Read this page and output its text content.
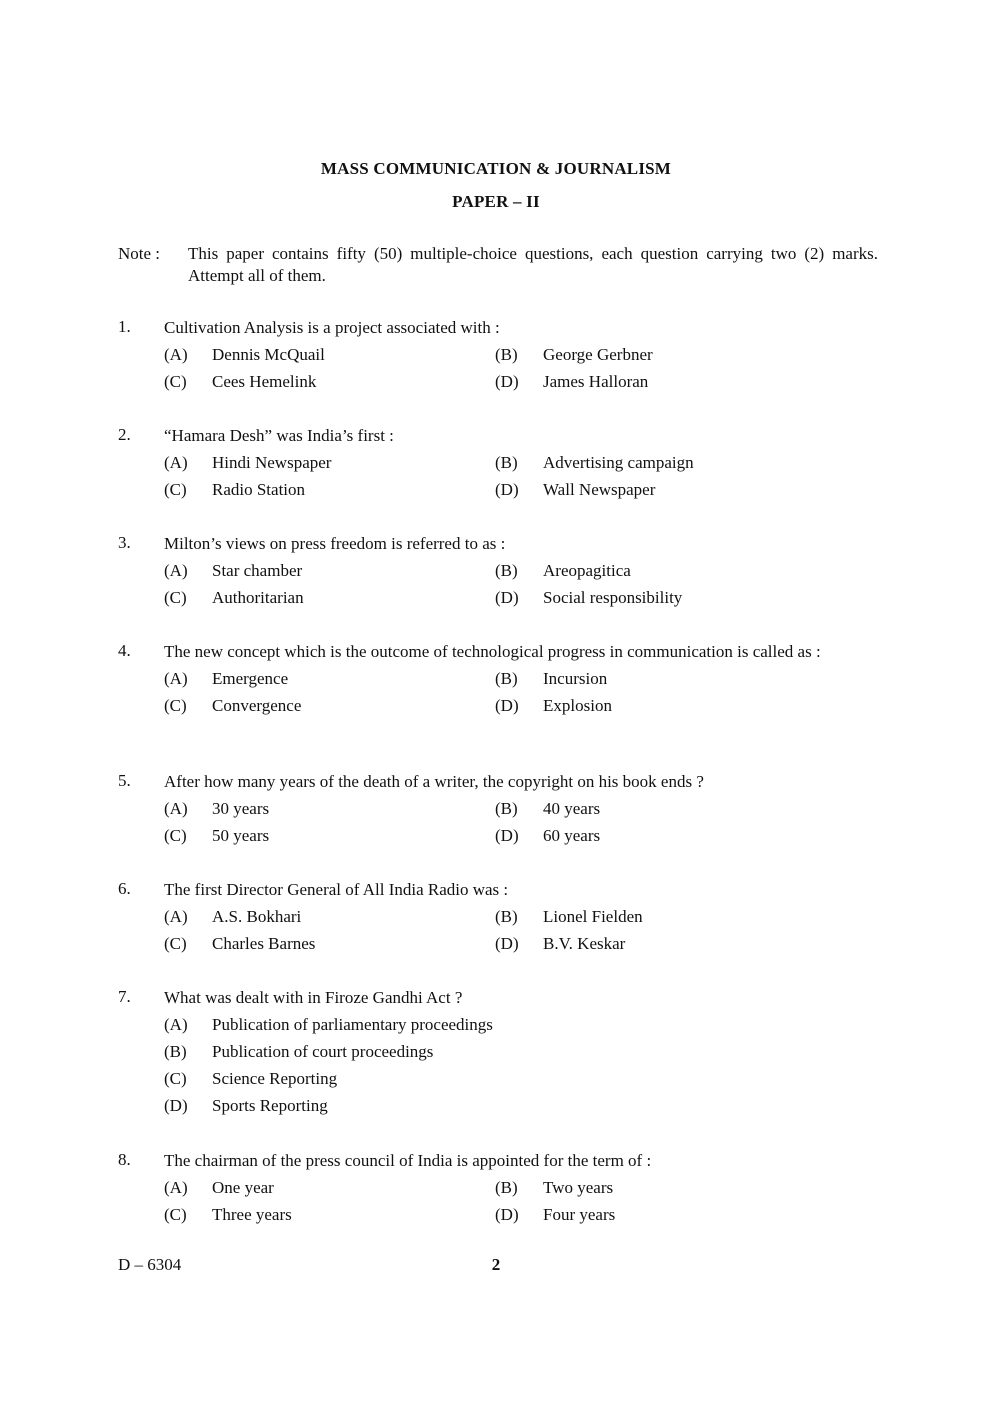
MASS COMMUNICATION & JOURNALISM
PAPER – II
Note : This paper contains fifty (50) multiple-choice questions, each question carrying two (2) marks. Attempt all of them.
1. Cultivation Analysis is a project associated with :
(A)	Dennis McQuail	(B)	George Gerbner
(C)	Cees Hemelink	(D)	James Halloran
2. “Hamara Desh” was India’s first :
(A)	Hindi Newspaper	(B)	Advertising campaign
(C)	Radio Station	(D)	Wall Newspaper
3. Milton’s views on press freedom is referred to as :
(A)	Star chamber	(B)	Areopagitica
(C)	Authoritarian	(D)	Social responsibility
4. The new concept which is the outcome of technological progress in communication is called as :
(A)	Emergence	(B)	Incursion
(C)	Convergence	(D)	Explosion
5. After how many years of the death of a writer, the copyright on his book ends ?
(A)	30 years	(B)	40 years
(C)	50 years	(D)	60 years
6. The first Director General of All India Radio was :
(A)	A.S. Bokhari	(B)	Lionel Fielden
(C)	Charles Barnes	(D)	B.V. Keskar
7. What was dealt with in Firoze Gandhi Act ?
(A)	Publication of parliamentary proceedings
(B)	Publication of court proceedings
(C)	Science Reporting
(D)	Sports Reporting
8. The chairman of the press council of India is appointed for the term of :
(A)	One year	(B)	Two years
(C)	Three years	(D)	Four years
D – 6304	2
